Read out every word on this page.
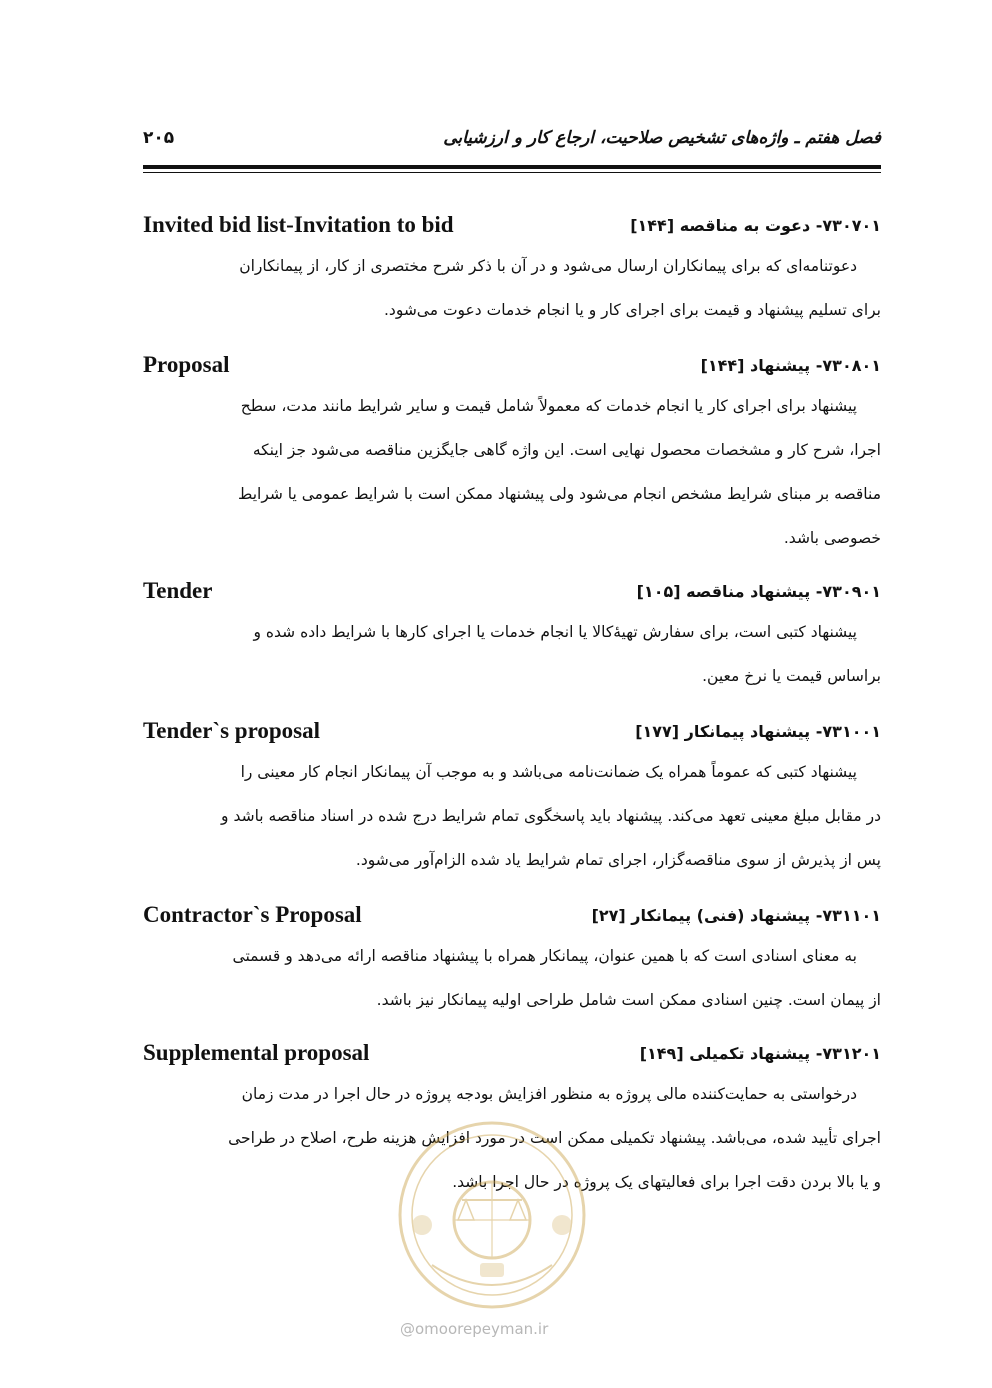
فصل هفتم ـ واژه‌های تشخیص صلاحیت، ارجاع کار و ارزشیابی
۲۰۵
۷۳۰۷۰۱- دعوت به مناقصه [۱۴۴]
Invited bid list-Invitation to bid

دعوتنامه‌ای که برای پیمانکاران ارسال می‌شود و در آن با ذکر شرح مختصری از کار، از پیمانکاران
برای تسلیم پیشنهاد و قیمت برای اجرای کار و یا انجام خدمات دعوت می‌شود.

۷۳۰۸۰۱- پیشنهاد [۱۴۴]
Proposal

پیشنهاد برای اجرای کار یا انجام خدمات که معمولاً شامل قیمت و سایر شرایط مانند مدت، سطح
اجرا، شرح کار و مشخصات محصول نهایی است. این واژه گاهی جایگزین مناقصه می‌شود جز اینکه
مناقصه بر مبنای شرایط مشخص انجام می‌شود ولی پیشنهاد ممکن است با شرایط عمومی یا شرایط
خصوصی باشد.

۷۳۰۹۰۱- پیشنهاد مناقصه [۱۰۵]
Tender

پیشنهاد کتبی است، برای سفارش تهیهٔ‌کالا یا انجام خدمات یا اجرای کارها با شرایط داده شده و
براساس قیمت یا نرخ معین.

۷۳۱۰۰۱- پیشنهاد پیمانکار [۱۷۷]
Tender`s proposal

پیشنهاد کتبی که عموماً همراه یک ضمانت‌نامه می‌باشد و به موجب آن پیمانکار انجام کار معینی را
در مقابل مبلغ معینی تعهد می‌کند. پیشنهاد باید پاسخگوی تمام شرایط درج شده در اسناد مناقصه باشد و
پس از پذیرش از سوی مناقصه‌گزار، اجرای تمام شرایط یاد شده الزام‌آور می‌شود.

۷۳۱۱۰۱- پیشنهاد (فنی) پیمانکار [۲۷]
Contractor`s Proposal

به معنای اسنادی است که با همین عنوان، پیمانکار همراه با پیشنهاد مناقصه ارائه می‌دهد و قسمتی
از پیمان است. چنین اسنادی ممکن است شامل طراحی اولیه پیمانکار نیز باشد.

۷۳۱۲۰۱- پیشنهاد تکمیلی [۱۴۹]
Supplemental proposal

درخواستی به حمایت‌کننده مالی پروژه به منظور افزایش بودجه پروژه در حال اجرا در مدت زمان
اجرای تأیید شده، می‌باشد. پیشنهاد تکمیلی ممکن است در مورد افزایش هزینه طرح، اصلاح در طراحی
و یا بالا بردن دقت اجرا برای فعالیتهای یک پروژه در حال اجرا باشد.

@omoorepeyman.ir
